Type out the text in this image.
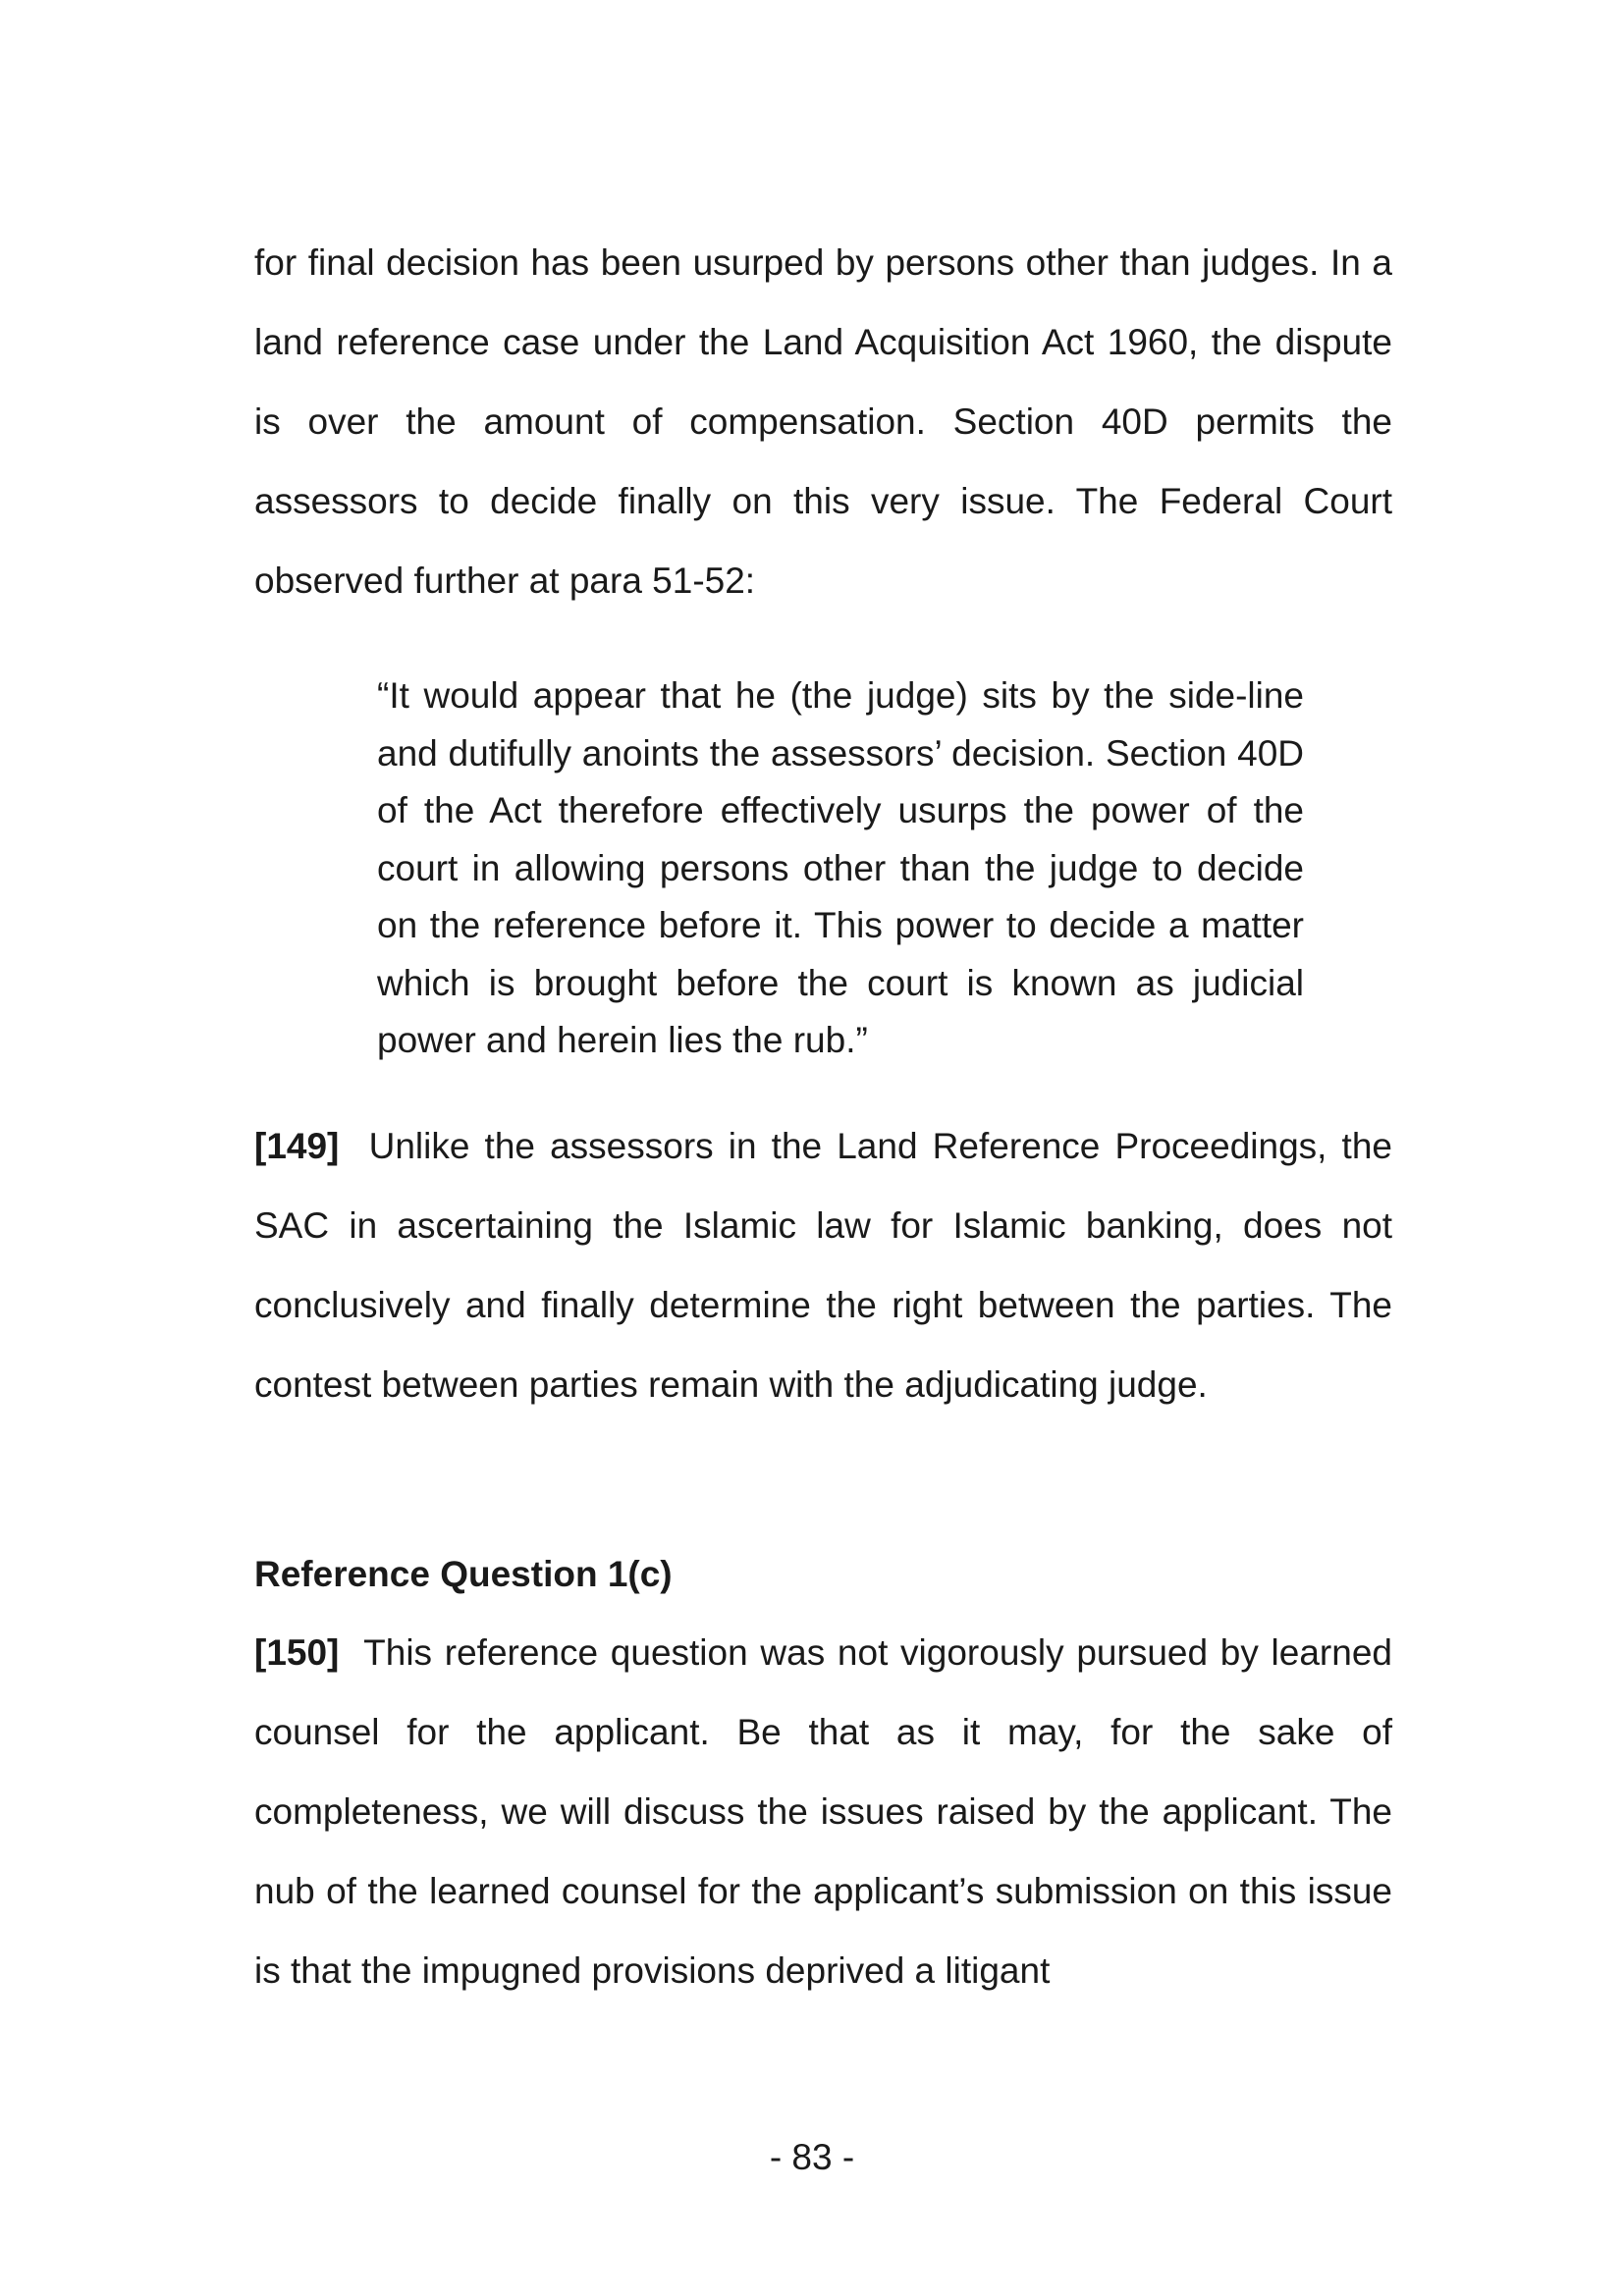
for final decision has been usurped by persons other than judges. In a land reference case under the Land Acquisition Act 1960, the dispute is over the amount of compensation. Section 40D permits the assessors to decide finally on this very issue. The Federal Court observed further at para 51-52:

“It would appear that he (the judge) sits by the side-line and dutifully anoints the assessors’ decision. Section 40D of the Act therefore effectively usurps the power of the court in allowing persons other than the judge to decide on the reference before it. This power to decide a matter which is brought before the court is known as judicial power and herein lies the rub.”

[149] Unlike the assessors in the Land Reference Proceedings, the SAC in ascertaining the Islamic law for Islamic banking, does not conclusively and finally determine the right between the parties. The contest between parties remain with the adjudicating judge.

Reference Question 1(c)

[150] This reference question was not vigorously pursued by learned counsel for the applicant. Be that as it may, for the sake of completeness, we will discuss the issues raised by the applicant. The nub of the learned counsel for the applicant’s submission on this issue is that the impugned provisions deprived a litigant

- 83 -
